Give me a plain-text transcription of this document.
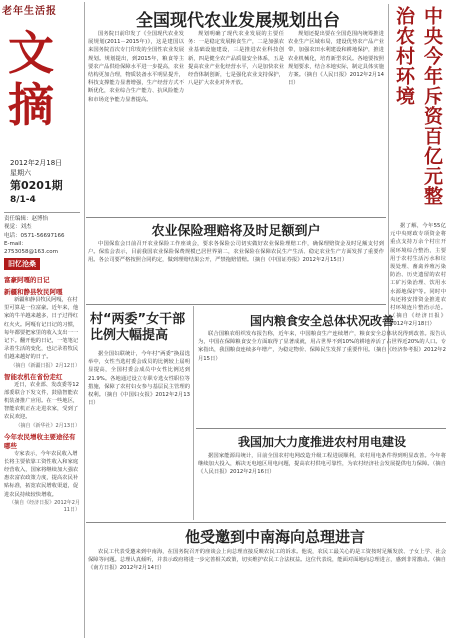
老年生活报
文
摘
2012年2月18日
星期六
第0201期
8/1-4
责任编辑：赵博怡
视觉：刘杰
电话：0571-56697166
E-mail：2753058@163.com
旧忆沧桑
富豪阿嘎的日记
新疆和静县牧民阿嘎
新疆和静县牧民阿嘎，在村里可算是一位富豪。近年来，他家的牛羊越来越多，日子过得红红火火。阿嘎有记日记的习惯，每年都要把家里的收入支出一一记下。翻开他的日记，一笔笔记录着生活的变化，也记录着牧民们越来越好的日子。
（摘自《新疆日报》2月12日）
智能农机在省份走红
近日，农业部、发改委等12部委联合下发文件，鼓励智能农机装备推广应用。在一些地区，智能农机正在走进农家，受到了农民欢迎。
（摘自《新华社》2月13日）
今年农民增收主要途径有哪些
专家表示，今年农民收入增长将主要依靠工资性收入和家庭经营收入，国家将继续加大强农惠农富农政策力度，提高农民补贴标准，拓宽农民增收渠道，促进农民持续较快增收。
（摘自《经济日报》2012年2月11日）
全国现代农业发展规划出台
国务院日前印发了《全国现代农业发展规划(2011－2015年)》，这是建国以来国务院首次专门印发的全国性农业发展规划。规划提出，到2015年，粮食等主要农产品供给保障水平进一步提高，农业结构更加合理，物质装备水平明显提升，科技支撑能力显著增强，生产经营方式不断优化，农业综合生产能力、抗风险能力和市场竞争能力显著提高。
规划明确了现代农业发展的主要任务：一是稳定发展粮食生产，二是加强农业基础设施建设，三是推进农业科技创新，四是健全农产品质量安全体系，五是提高农业产业化经营水平，六是加快农业经营体制创新，七是强化农业支持保护，八是扩大农业对外开放。
规划还提出要在全国范围内统筹推进农业生产区域布局，建设优势农产品产业带，加强农田水利建设和耕地保护，推进农业机械化，培育新型农民。各地要按照规划要求，结合本地实际，制定具体实施方案。（摘自《人民日报》2012年2月14日）	中央今年斥资百亿元整治农村环境
据了解，今年55亿元中央财政专项资金将重点支持万余个村庄开展环境综合整治，主要用于农村生活污水和垃圾处理、畜禽养殖污染防治、历史遗留的农村工矿污染治理、饮用水水源地保护等。同时中央还将安排资金推进农村环境连片整治示范。（摘自《经济日报》2012年2月18日）
农业保险理赔将及时足额到户
中国保监会日前召开农业保险工作座谈会，要求各保险公司切实做好农业保险理赔工作，确保理赔资金及时足额支付到户。保监会表示，目前我国农业保险保费规模已居世界第二，农业保险在保障农民生产生活、稳定农业生产方面发挥了重要作用。各公司要严格按照合同约定，做到理赔结果公开，严禁拖赔惜赔。（摘自《中国证券报》2012年2月15日）
村“两委”女干部
比例大幅提高
据全国妇联统计，今年村“两委”换届选举中，女性当选村委会成员的比例较上届明显提高，全国村委会成员中女性比例达到21.9%。各地通过设立专职专选女性职位等措施，保障了农村妇女参与基层民主管理的权利。（摘自《中国妇女报》2012年2月13日）
国内粮食安全总体状况改善
联合国粮农组织发布报告称，近年来，中国粮食生产连续增产，粮食安全总体状况得到改善。报告认为，中国在保障粮食安全方面取得了显著成就，用占世界不到10%的耕地养活了占世界近20%的人口。专家指出，我国粮食连续多年增产，为稳定物价、保障民生发挥了重要作用。（摘自《经济参考报》2012年2月15日）
我国加大力度推进农村用电建设
据国家能源局统计，目前全国农村电网改造升级工程进展顺利，农村用电条件得到明显改善。今年将继续加大投入，解决无电地区用电问题，提高农村供电可靠性，为农村经济社会发展提供电力保障。（摘自《人民日报》2012年2月16日）
他受邀到中南海向总理进言
农民工代表受邀来到中南海，在国务院召开的座谈会上向总理直接反映农民工的诉求。他说，农民工最关心的是工资按时足额发放、子女上学、社会保障等问题。总理认真倾听，并表示政府将进一步完善相关政策，切实维护农民工合法权益。这位代表说，能面对面地向总理进言，感到非常激动。（摘自《南方日报》2012年2月14日）
